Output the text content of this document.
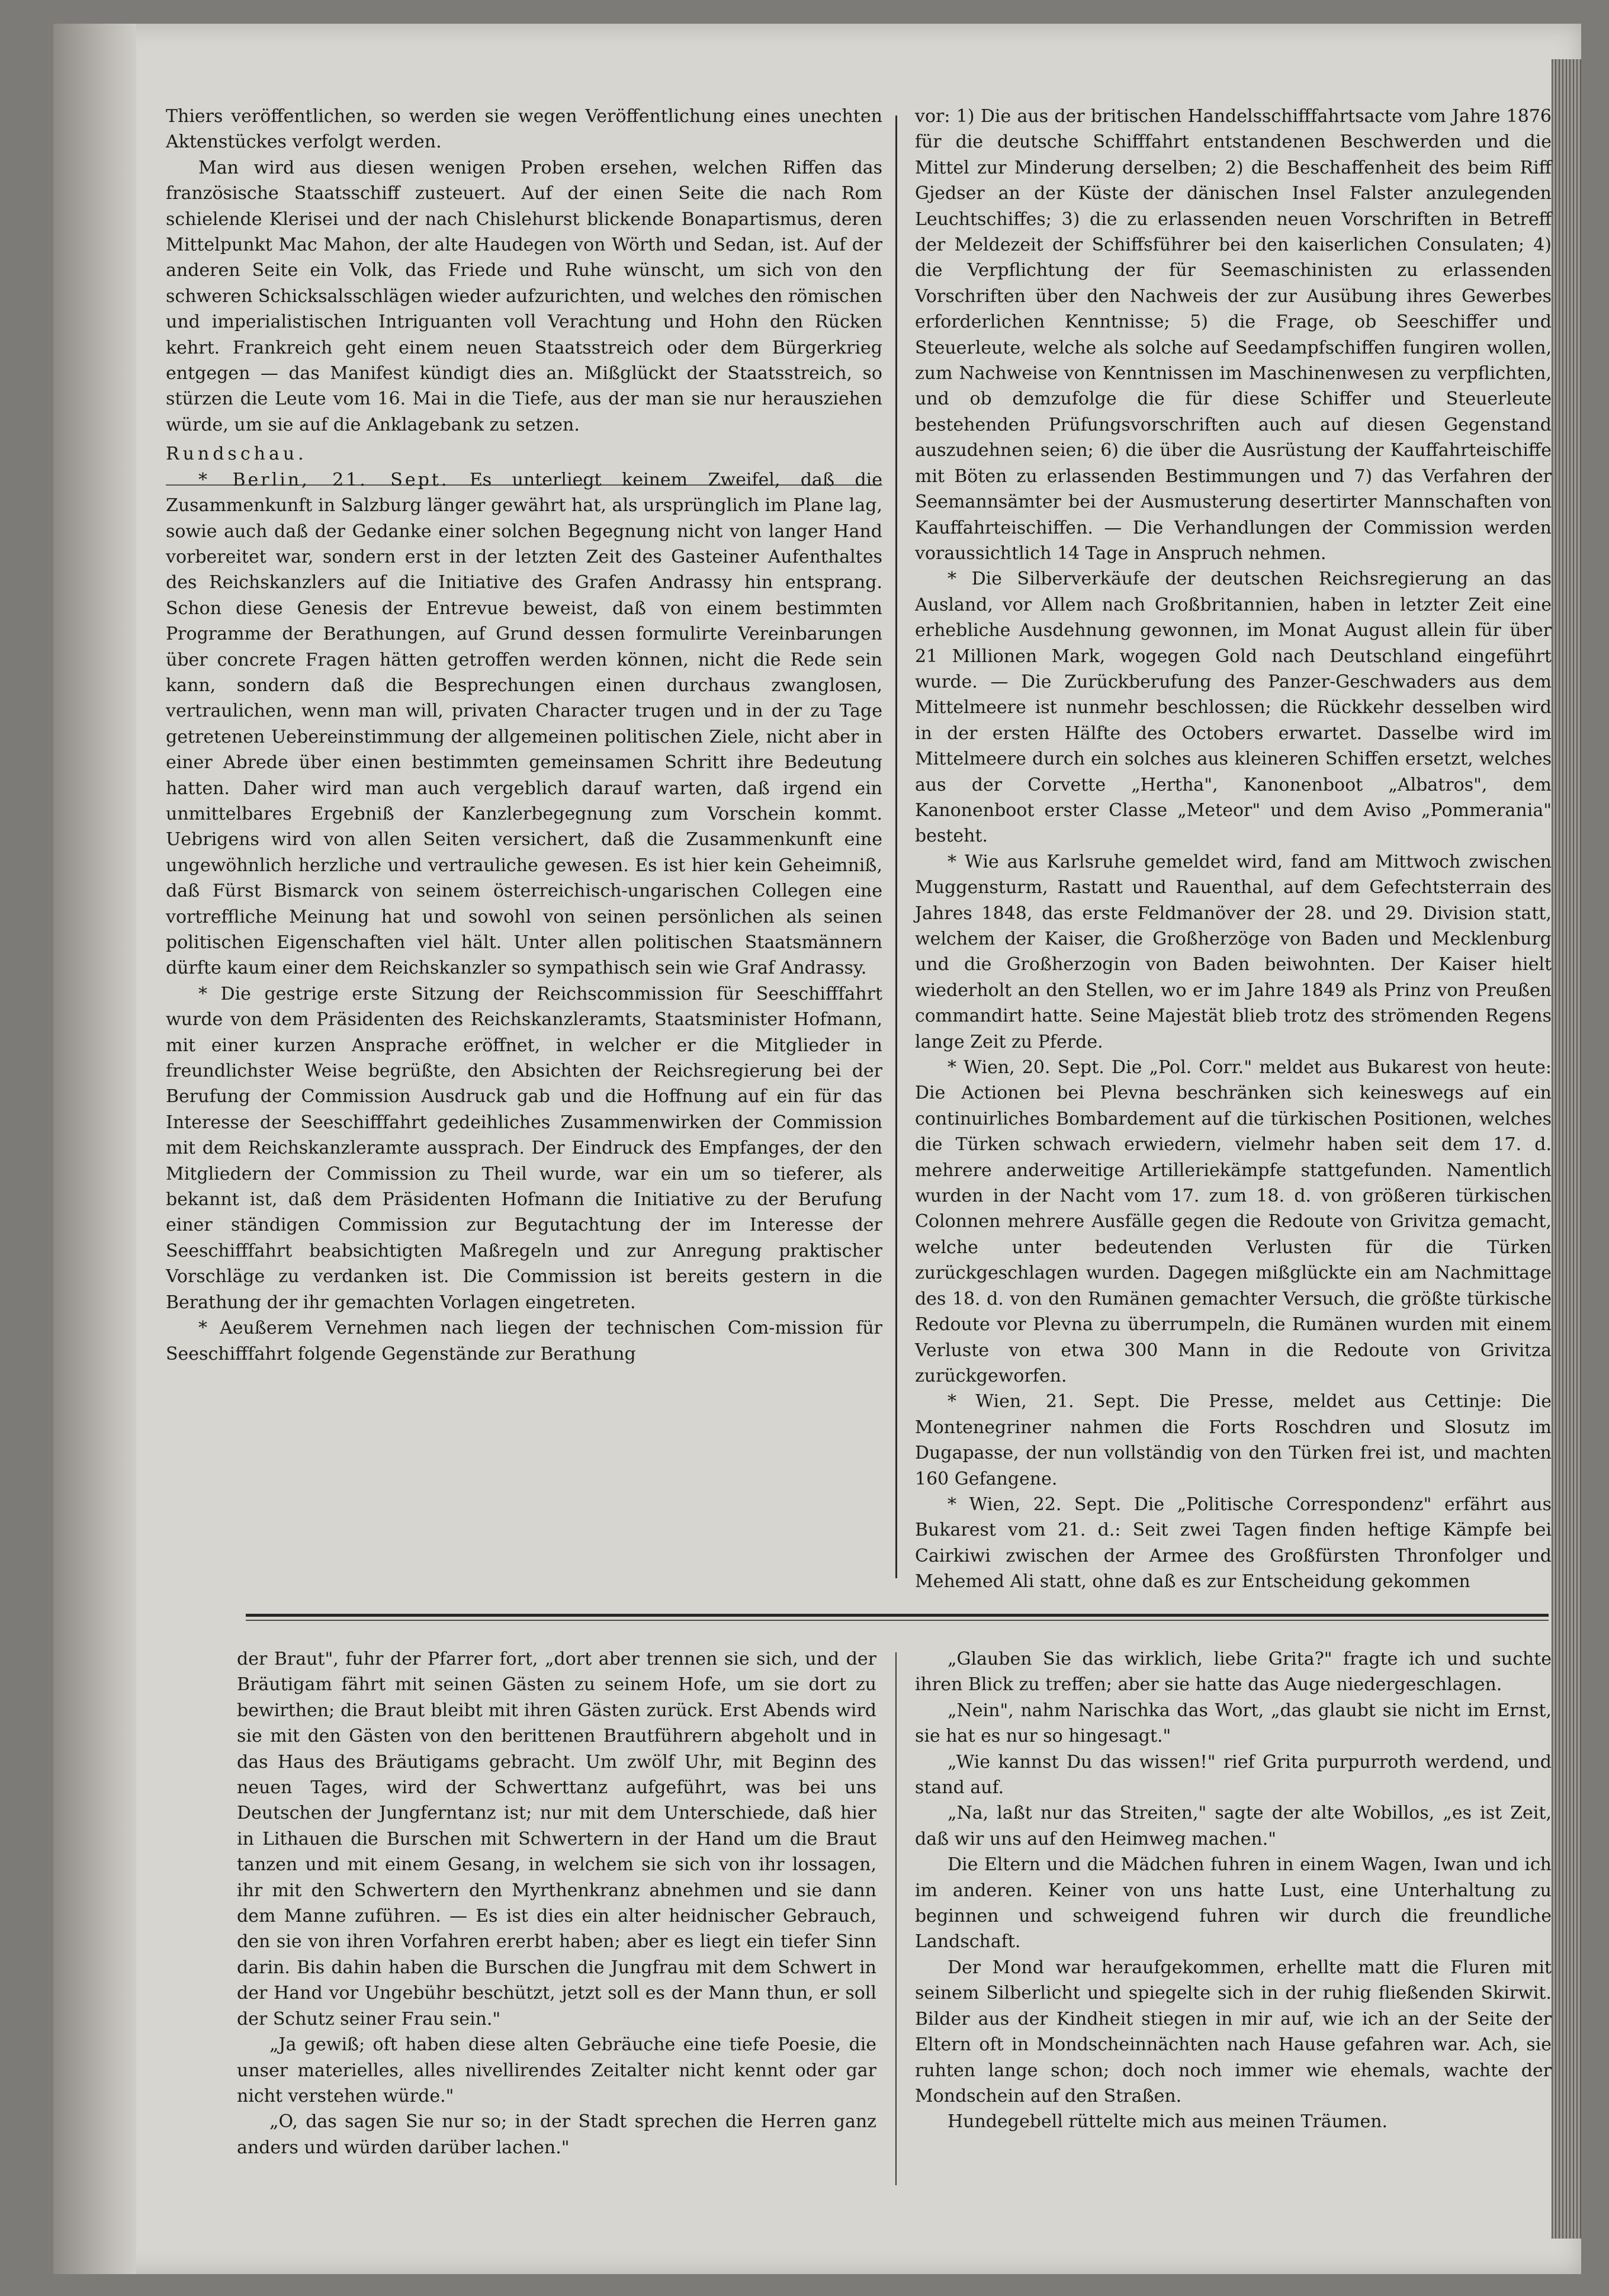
Thiers veröffentlichen, so werden sie wegen Veröffentlichung eines unechten Aktenstückes verfolgt werden.

Man wird aus diesen wenigen Proben ersehen, welchen Riffen das französische Staatsschiff zusteuert. Auf der einen Seite die nach Rom schielende Klerisei und der nach Chislehurst blickende Bonapartismus, deren Mittelpunkt Mac Mahon, der alte Haudegen von Wörth und Sedan, ist. Auf der anderen Seite ein Volk, das Friede und Ruhe wünscht, um sich von den schweren Schicksalsschlägen wieder aufzurichten, und welches den römischen und imperialistischen Intriguanten voll Verachtung und Hohn den Rücken kehrt. Frankreich geht einem neuen Staatsstreich oder dem Bürgerkrieg entgegen — das Manifest kündigt dies an. Mißglückt der Staatsstreich, so stürzen die Leute vom 16. Mai in die Tiefe, aus der man sie nur herausziehen würde, um sie auf die Anklagebank zu setzen.

Rundschau.

* Berlin, 21. Sept. Es unterliegt keinem Zweifel, daß die Zusammenkunft in Salzburg länger gewährt hat, als ursprünglich im Plane lag, sowie auch daß der Gedanke einer solchen Begegnung nicht von langer Hand vorbereitet war, sondern erst in der letzten Zeit des Gasteiner Aufenthaltes des Reichskanzlers auf die Initiative des Grafen Andrassy hin entsprang. Schon diese Genesis der Entrevue beweist, daß von einem bestimmten Programme der Berathungen, auf Grund dessen formulirte Vereinbarungen über concrete Fragen hätten getroffen werden können, nicht die Rede sein kann, sondern daß die Besprechungen einen durchaus zwanglosen, vertraulichen, wenn man will, privaten Character trugen und in der zu Tage getretenen Uebereinstimmung der allgemeinen politischen Ziele, nicht aber in einer Abrede über einen bestimmten gemeinsamen Schritt ihre Bedeutung hatten. Daher wird man auch vergeblich darauf warten, daß irgend ein unmittelbares Ergebniß der Kanzlerbegegnung zum Vorschein kommt. Uebrigens wird von allen Seiten versichert, daß die Zusammenkunft eine ungewöhnlich herzliche und vertrauliche gewesen. Es ist hier kein Geheimniß, daß Fürst Bismarck von seinem österreichisch-ungarischen Collegen eine vortreffliche Meinung hat und sowohl von seinen persönlichen als seinen politischen Eigenschaften viel hält. Unter allen politischen Staatsmännern dürfte kaum einer dem Reichskanzler so sympathisch sein wie Graf Andrassy.

* Die gestrige erste Sitzung der Reichscommission für Seeschifffahrt wurde von dem Präsidenten des Reichskanzleramts, Staatsminister Hofmann, mit einer kurzen Ansprache eröffnet, in welcher er die Mitglieder in freundlichster Weise begrüßte, den Absichten der Reichsregierung bei der Berufung der Commission Ausdruck gab und die Hoffnung auf ein für das Interesse der Seeschifffahrt gedeihliches Zusammenwirken der Commission mit dem Reichskanzleramte aussprach. Der Eindruck des Empfanges, der den Mitgliedern der Commission zu Theil wurde, war ein um so tieferer, als bekannt ist, daß dem Präsidenten Hofmann die Initiative zu der Berufung einer ständigen Commission zur Begutachtung der im Interesse der Seeschifffahrt beabsichtigten Maßregeln und zur Anregung praktischer Vorschläge zu verdanken ist. Die Commission ist bereits gestern in die Berathung der ihr gemachten Vorlagen eingetreten.

* Aeußerem Vernehmen nach liegen der technischen Com-mission für Seeschifffahrt folgende Gegenstände zur Berathung

vor: 1) Die aus der britischen Handelsschifffahrtsacte vom Jahre 1876 für die deutsche Schifffahrt entstandenen Beschwerden und die Mittel zur Minderung derselben; 2) die Beschaffenheit des beim Riff Gjedser an der Küste der dänischen Insel Falster anzulegenden Leuchtschiffes; 3) die zu erlassenden neuen Vorschriften in Betreff der Meldezeit der Schiffsführer bei den kaiserlichen Consulaten; 4) die Verpflichtung der für Seemaschinisten zu erlassenden Vorschriften über den Nachweis der zur Ausübung ihres Gewerbes erforderlichen Kenntnisse; 5) die Frage, ob Seeschiffer und Steuerleute, welche als solche auf Seedampfschiffen fungiren wollen, zum Nachweise von Kenntnissen im Maschinenwesen zu verpflichten, und ob demzufolge die für diese Schiffer und Steuerleute bestehenden Prüfungsvorschriften auch auf diesen Gegenstand auszudehnen seien; 6) die über die Ausrüstung der Kauffahrteischiffe mit Böten zu erlassenden Bestimmungen und 7) das Verfahren der Seemannsämter bei der Ausmusterung desertirter Mannschaften von Kauffahrteischiffen. — Die Verhandlungen der Commission werden voraussichtlich 14 Tage in Anspruch nehmen.

* Die Silberverkäufe der deutschen Reichsregierung an das Ausland, vor Allem nach Großbritannien, haben in letzter Zeit eine erhebliche Ausdehnung gewonnen, im Monat August allein für über 21 Millionen Mark, wogegen Gold nach Deutschland eingeführt wurde. — Die Zurückberufung des Panzer-Geschwaders aus dem Mittelmeere ist nunmehr beschlossen; die Rückkehr desselben wird in der ersten Hälfte des Octobers erwartet. Dasselbe wird im Mittelmeere durch ein solches aus kleineren Schiffen ersetzt, welches aus der Corvette „Hertha", Kanonenboot „Albatros", dem Kanonenboot erster Classe „Meteor" und dem Aviso „Pommerania" besteht.

* Wie aus Karlsruhe gemeldet wird, fand am Mittwoch zwischen Muggensturm, Rastatt und Rauenthal, auf dem Gefechtsterrain des Jahres 1848, das erste Feldmanöver der 28. und 29. Division statt, welchem der Kaiser, die Großherzöge von Baden und Mecklenburg und die Großherzogin von Baden beiwohnten. Der Kaiser hielt wiederholt an den Stellen, wo er im Jahre 1849 als Prinz von Preußen commandirt hatte. Seine Majestät blieb trotz des strömenden Regens lange Zeit zu Pferde.

* Wien, 20. Sept. Die „Pol. Corr." meldet aus Bukarest von heute: Die Actionen bei Plevna beschränken sich keineswegs auf ein continuirliches Bombardement auf die türkischen Positionen, welches die Türken schwach erwiedern, vielmehr haben seit dem 17. d. mehrere anderweitige Artilleriekämpfe stattgefunden. Namentlich wurden in der Nacht vom 17. zum 18. d. von größeren türkischen Colonnen mehrere Ausfälle gegen die Redoute von Grivitza gemacht, welche unter bedeutenden Verlusten für die Türken zurückgeschlagen wurden. Dagegen mißglückte ein am Nachmittage des 18. d. von den Rumänen gemachter Versuch, die größte türkische Redoute vor Plevna zu überrumpeln, die Rumänen wurden mit einem Verluste von etwa 300 Mann in die Redoute von Grivitza zurückgeworfen.

* Wien, 21. Sept. Die Presse, meldet aus Cettinje: Die Montenegriner nahmen die Forts Roschdren und Slosutz im Dugapasse, der nun vollständig von den Türken frei ist, und machten 160 Gefangene.

* Wien, 22. Sept. Die „Politische Correspondenz" erfährt aus Bukarest vom 21. d.: Seit zwei Tagen finden heftige Kämpfe bei Cairkiwi zwischen der Armee des Großfürsten Thronfolger und Mehemed Ali statt, ohne daß es zur Entscheidung gekommen

der Braut", fuhr der Pfarrer fort, „dort aber trennen sie sich, und der Bräutigam fährt mit seinen Gästen zu seinem Hofe, um sie dort zu bewirthen; die Braut bleibt mit ihren Gästen zurück. Erst Abends wird sie mit den Gästen von den berittenen Brautführern abgeholt und in das Haus des Bräutigams gebracht. Um zwölf Uhr, mit Beginn des neuen Tages, wird der Schwerttanz aufgeführt, was bei uns Deutschen der Jungferntanz ist; nur mit dem Unterschiede, daß hier in Lithauen die Burschen mit Schwertern in der Hand um die Braut tanzen und mit einem Gesang, in welchem sie sich von ihr lossagen, ihr mit den Schwertern den Myrthenkranz abnehmen und sie dann dem Manne zuführen. — Es ist dies ein alter heidnischer Gebrauch, den sie von ihren Vorfahren ererbt haben; aber es liegt ein tiefer Sinn darin. Bis dahin haben die Burschen die Jungfrau mit dem Schwert in der Hand vor Ungebühr beschützt, jetzt soll es der Mann thun, er soll der Schutz seiner Frau sein."

„Ja gewiß; oft haben diese alten Gebräuche eine tiefe Poesie, die unser materielles, alles nivellirendes Zeitalter nicht kennt oder gar nicht verstehen würde."

„O, das sagen Sie nur so; in der Stadt sprechen die Herren ganz anders und würden darüber lachen."

„Glauben Sie das wirklich, liebe Grita?" fragte ich und suchte ihren Blick zu treffen; aber sie hatte das Auge niedergeschlagen.

„Nein", nahm Narischka das Wort, „das glaubt sie nicht im Ernst, sie hat es nur so hingesagt."

„Wie kannst Du das wissen!" rief Grita purpurroth werdend, und stand auf.

„Na, laßt nur das Streiten," sagte der alte Wobillos, „es ist Zeit, daß wir uns auf den Heimweg machen."

Die Eltern und die Mädchen fuhren in einem Wagen, Iwan und ich im anderen. Keiner von uns hatte Lust, eine Unterhaltung zu beginnen und schweigend fuhren wir durch die freundliche Landschaft.

Der Mond war heraufgekommen, erhellte matt die Fluren mit seinem Silberlicht und spiegelte sich in der ruhig fließenden Skirwit. Bilder aus der Kindheit stiegen in mir auf, wie ich an der Seite der Eltern oft in Mondscheinnächten nach Hause gefahren war. Ach, sie ruhten lange schon; doch noch immer wie ehemals, wachte der Mondschein auf den Straßen.

Hundegebell rüttelte mich aus meinen Träumen.
